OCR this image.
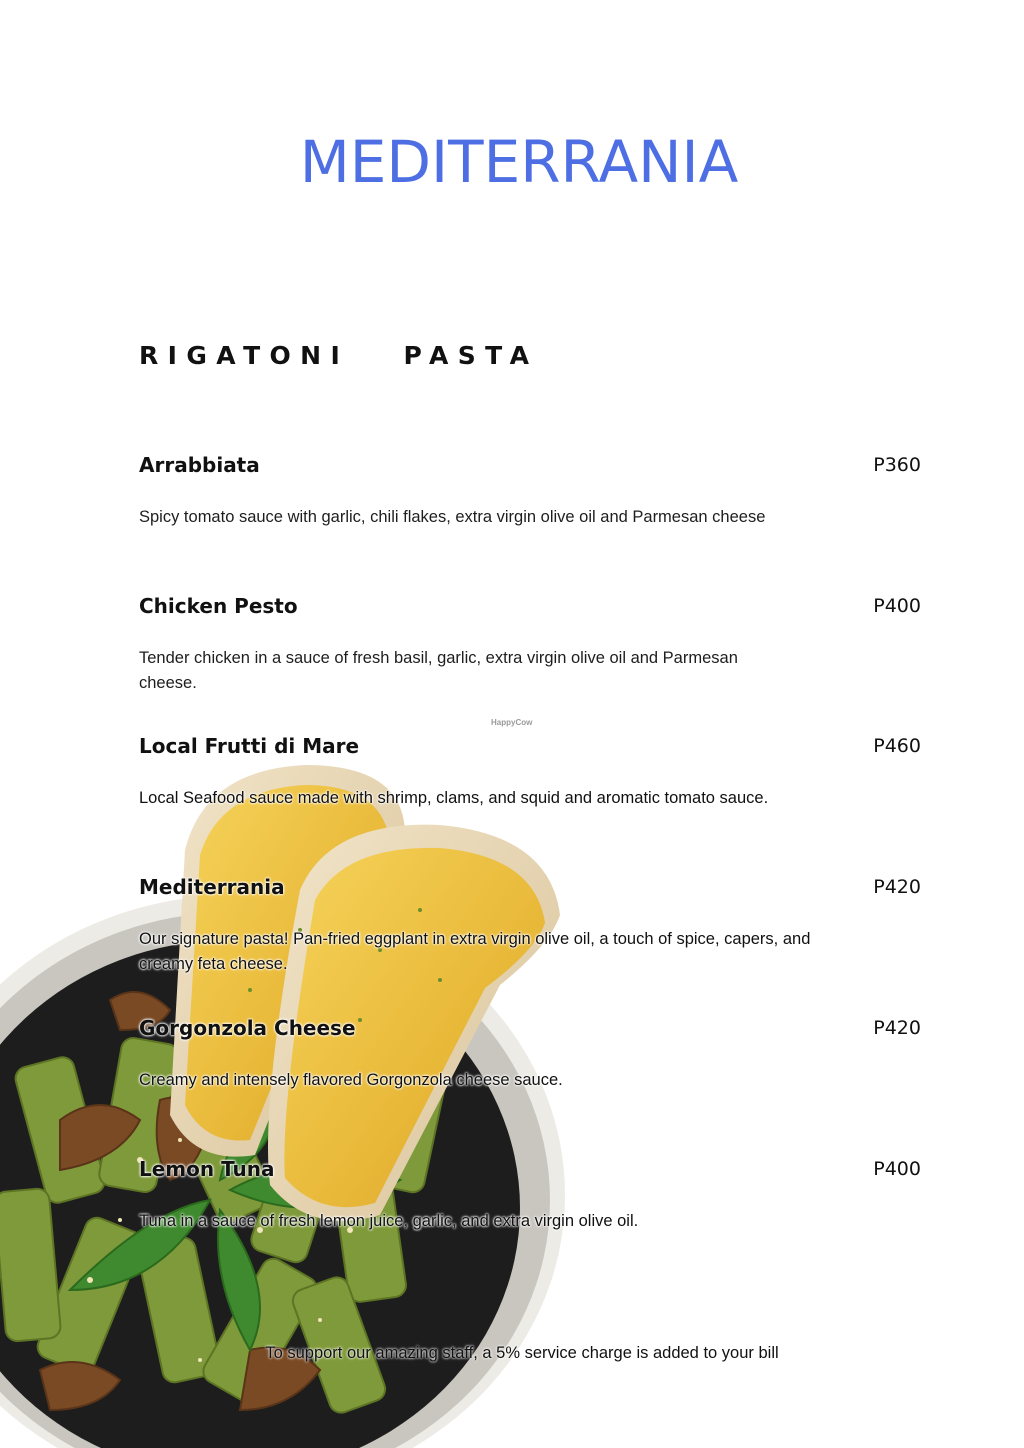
MEDITERRANIA
RIGATONI   PASTA
HappyCow
Arrabbiata	P360
Spicy tomato sauce with garlic, chili flakes, extra virgin olive oil and Parmesan cheese
Chicken Pesto	P400
Tender chicken in a sauce of fresh basil, garlic, extra virgin olive oil and Parmesan cheese.
Local Frutti di Mare	P460
Local Seafood sauce made with shrimp, clams, and squid and aromatic tomato sauce.
Mediterrania	P420
Our signature pasta! Pan-fried eggplant in extra virgin olive oil, a touch of spice, capers, and creamy feta cheese.
Gorgonzola Cheese	P420
Creamy and intensely flavored Gorgonzola cheese sauce.
Lemon Tuna	P400
Tuna in a sauce of fresh lemon juice, garlic, and extra virgin olive oil.
To support our amazing staff, a 5% service charge is added to your bill
